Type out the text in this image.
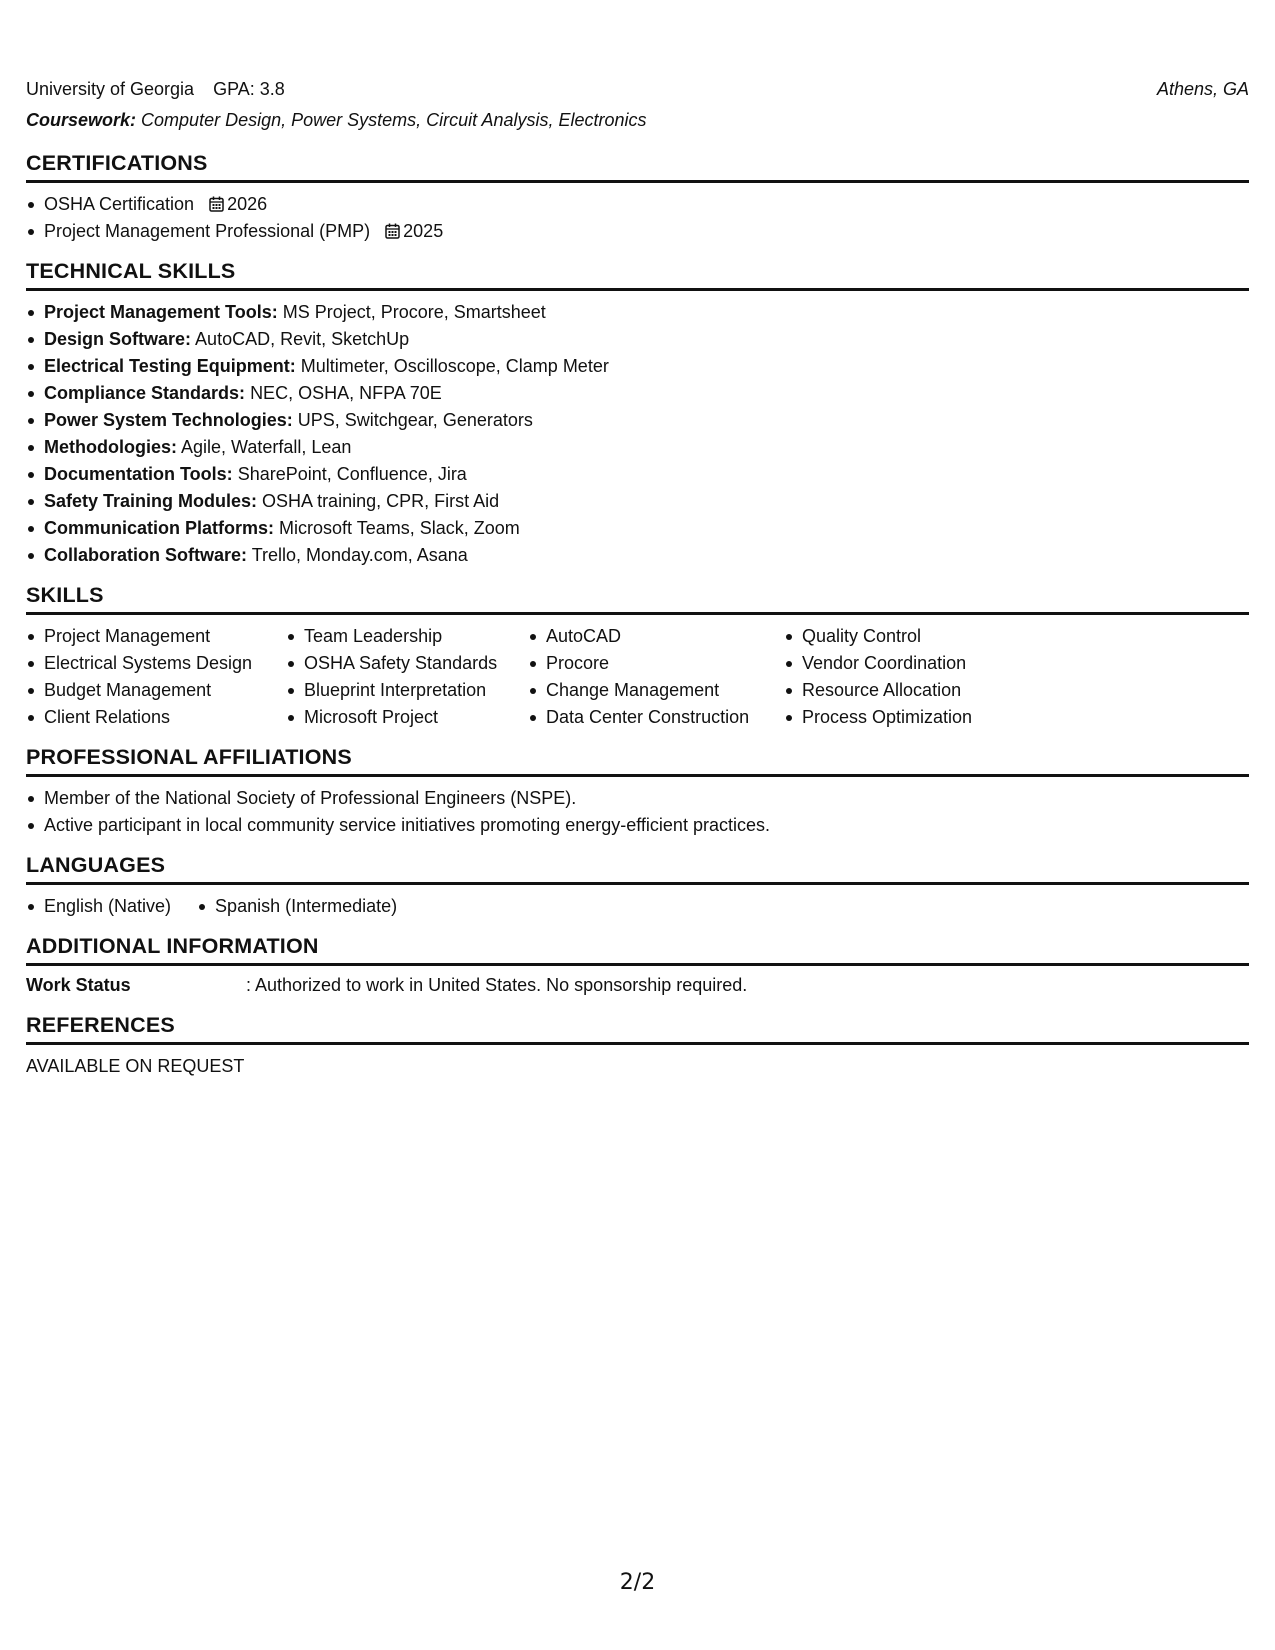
University of Georgia GPA: 3.8	Athens, GA
Coursework: Computer Design, Power Systems, Circuit Analysis, Electronics
CERTIFICATIONS
OSHA Certification 2026
Project Management Professional (PMP) 2025
TECHNICAL SKILLS
Project Management Tools: MS Project, Procore, Smartsheet
Design Software: AutoCAD, Revit, SketchUp
Electrical Testing Equipment: Multimeter, Oscilloscope, Clamp Meter
Compliance Standards: NEC, OSHA, NFPA 70E
Power System Technologies: UPS, Switchgear, Generators
Methodologies: Agile, Waterfall, Lean
Documentation Tools: SharePoint, Confluence, Jira
Safety Training Modules: OSHA training, CPR, First Aid
Communication Platforms: Microsoft Teams, Slack, Zoom
Collaboration Software: Trello, Monday.com, Asana
SKILLS
Project Management
Electrical Systems Design
Budget Management
Client Relations
Team Leadership
OSHA Safety Standards
Blueprint Interpretation
Microsoft Project
AutoCAD
Procore
Change Management
Data Center Construction
Quality Control
Vendor Coordination
Resource Allocation
Process Optimization
PROFESSIONAL AFFILIATIONS
Member of the National Society of Professional Engineers (NSPE).
Active participant in local community service initiatives promoting energy-efficient practices.
LANGUAGES
English (Native)	Spanish (Intermediate)
ADDITIONAL INFORMATION
Work Status	: Authorized to work in United States. No sponsorship required.
REFERENCES
AVAILABLE ON REQUEST
2/2
